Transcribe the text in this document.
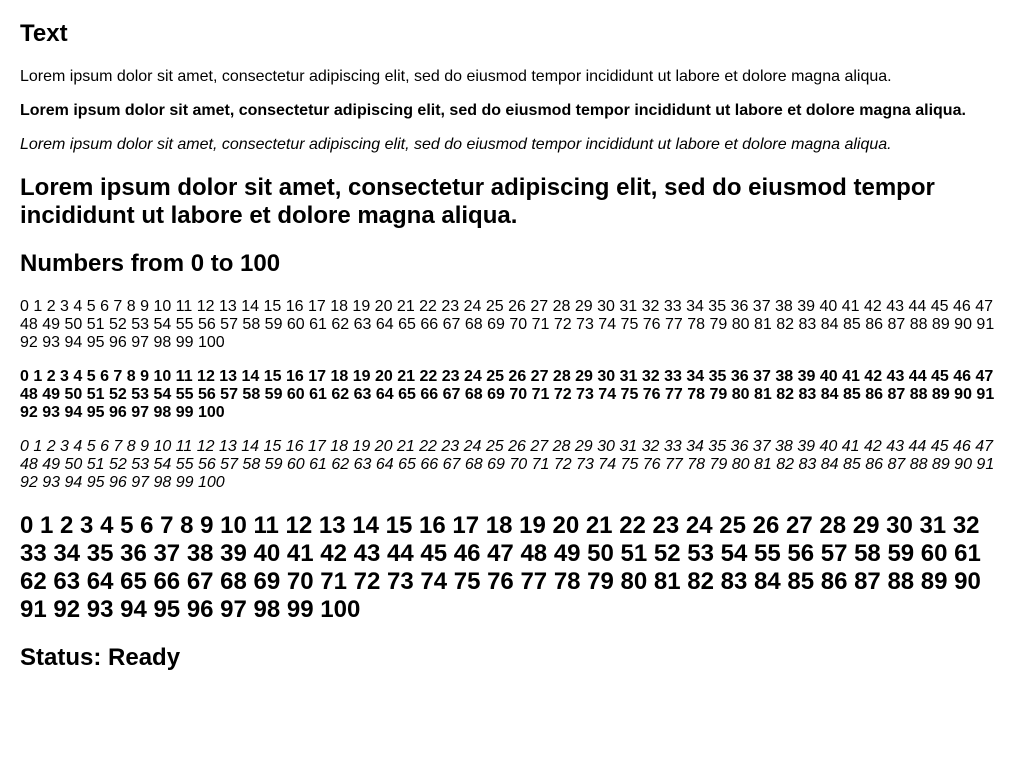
Text

Lorem ipsum dolor sit amet, consectetur adipiscing elit, sed do eiusmod tempor incididunt ut labore et dolore magna aliqua.

Lorem ipsum dolor sit amet, consectetur adipiscing elit, sed do eiusmod tempor incididunt ut labore et dolore magna aliqua.

Lorem ipsum dolor sit amet, consectetur adipiscing elit, sed do eiusmod tempor incididunt ut labore et dolore magna aliqua.

Lorem ipsum dolor sit amet, consectetur adipiscing elit, sed do eiusmod tempor incididunt ut labore et dolore magna aliqua.
Numbers from 0 to 100

0 1 2 3 4 5 6 7 8 9 10 11 12 13 14 15 16 17 18 19 20 21 22 23 24 25 26 27 28 29 30 31 32 33 34 35 36 37 38 39 40 41 42 43 44 45 46 47 48 49 50 51 52 53 54 55 56 57 58 59 60 61 62 63 64 65 66 67 68 69 70 71 72 73 74 75 76 77 78 79 80 81 82 83 84 85 86 87 88 89 90 91 92 93 94 95 96 97 98 99 100

0 1 2 3 4 5 6 7 8 9 10 11 12 13 14 15 16 17 18 19 20 21 22 23 24 25 26 27 28 29 30 31 32 33 34 35 36 37 38 39 40 41 42 43 44 45 46 47 48 49 50 51 52 53 54 55 56 57 58 59 60 61 62 63 64 65 66 67 68 69 70 71 72 73 74 75 76 77 78 79 80 81 82 83 84 85 86 87 88 89 90 91 92 93 94 95 96 97 98 99 100

0 1 2 3 4 5 6 7 8 9 10 11 12 13 14 15 16 17 18 19 20 21 22 23 24 25 26 27 28 29 30 31 32 33 34 35 36 37 38 39 40 41 42 43 44 45 46 47 48 49 50 51 52 53 54 55 56 57 58 59 60 61 62 63 64 65 66 67 68 69 70 71 72 73 74 75 76 77 78 79 80 81 82 83 84 85 86 87 88 89 90 91 92 93 94 95 96 97 98 99 100

0 1 2 3 4 5 6 7 8 9 10 11 12 13 14 15 16 17 18 19 20 21 22 23 24 25 26 27 28 29 30 31 32 33 34 35 36 37 38 39 40 41 42 43 44 45 46 47 48 49 50 51 52 53 54 55 56 57 58 59 60 61 62 63 64 65 66 67 68 69 70 71 72 73 74 75 76 77 78 79 80 81 82 83 84 85 86 87 88 89 90 91 92 93 94 95 96 97 98 99 100
Status: Ready
